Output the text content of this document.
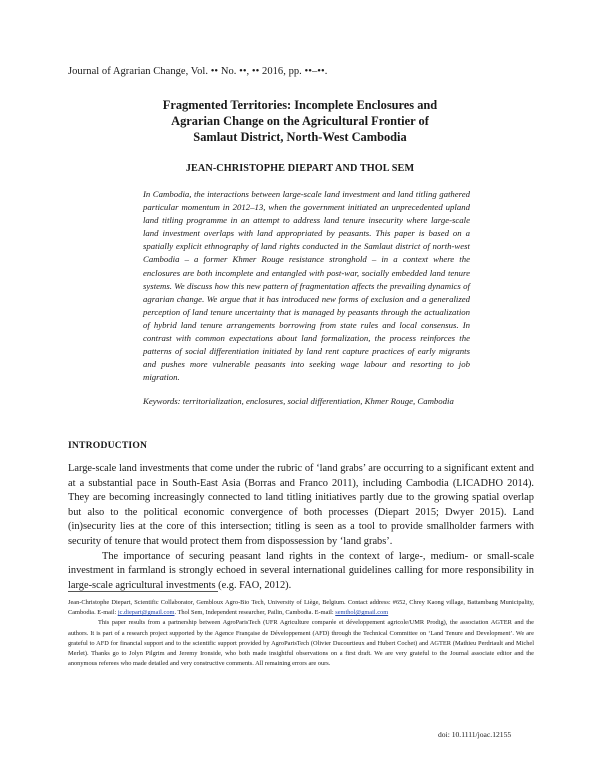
Journal of Agrarian Change, Vol. •• No. ••, •• 2016, pp. ••–••.
Fragmented Territories: Incomplete Enclosures and
Agrarian Change on the Agricultural Frontier of
Samlaut District, North-West Cambodia
JEAN-CHRISTOPHE DIEPART AND THOL SEM
In Cambodia, the interactions between large-scale land investment and land titling gathered particular momentum in 2012–13, when the government initiated an unprecedented upland land titling programme in an attempt to address land tenure insecurity where large-scale land investment overlaps with land appropriated by peasants. This paper is based on a spatially explicit ethnography of land rights conducted in the Samlaut district of north-west Cambodia – a former Khmer Rouge resistance stronghold – in a context where the enclosures are both incomplete and entangled with post-war, socially embedded land tenure systems. We discuss how this new pattern of fragmentation affects the prevailing dynamics of agrarian change. We argue that it has introduced new forms of exclusion and a generalized perception of land tenure uncertainty that is managed by peasants through the actualization of hybrid land tenure arrangements borrowing from state rules and local consensus. In contrast with common expectations about land formalization, the process reinforces the patterns of social differentiation initiated by land rent capture practices of early migrants and pushes more vulnerable peasants into seeking wage labour and resorting to job migration.
Keywords: territorialization, enclosures, social differentiation, Khmer Rouge, Cambodia
INTRODUCTION

Large-scale land investments that come under the rubric of ‘land grabs’ are occurring to a significant extent and at a substantial pace in South-East Asia (Borras and Franco 2011), including Cambodia (LICADHO 2014). They are becoming increasingly connected to land titling initiatives partly due to the growing spatial overlap but also to the political economic convergence of both processes (Diepart 2015; Dwyer 2015). Land (in)security lies at the core of this intersection; titling is seen as a tool to provide smallholder farmers with security of tenure that would protect them from dispossession by ‘land grabs’.

The importance of securing peasant land rights in the context of large-, medium- or small-scale investment in farmland is strongly echoed in several international guidelines calling for more responsibility in large-scale agricultural investments (e.g. FAO, 2012).

Jean-Christophe Diepart, Scientific Collaborator, Gembloux Agro-Bio Tech, University of Liège, Belgium. Contact address: #652, Chrey Kaong village, Battambang Municipality, Cambodia. E-mail: jc.diepart@gmail.com. Thol Sem, Independent researcher, Pailin, Cambodia. E-mail: semthol@gmail.com

This paper results from a partnership between AgroParisTech (UFR Agriculture comparée et développement agricole/UMR Prodig), the association AGTER and the authors. It is part of a research project supported by the Agence Française de Développement (AFD) through the Technical Committee on ‘Land Tenure and Development’. We are grateful to AFD for financial support and to the scientific support provided by AgroParisTech (Olivier Ducourtieux and Hubert Cochet) and AGTER (Mathieu Perdriault and Michel Merlet). Thanks go to Jolyn Pilgrim and Jeremy Ironside, who both made insightful observations on a first draft. We are very grateful to the Journal associate editor and the anonymous referees who made detailed and very constructive comments. All remaining errors are ours.

doi: 10.1111/joac.12155
